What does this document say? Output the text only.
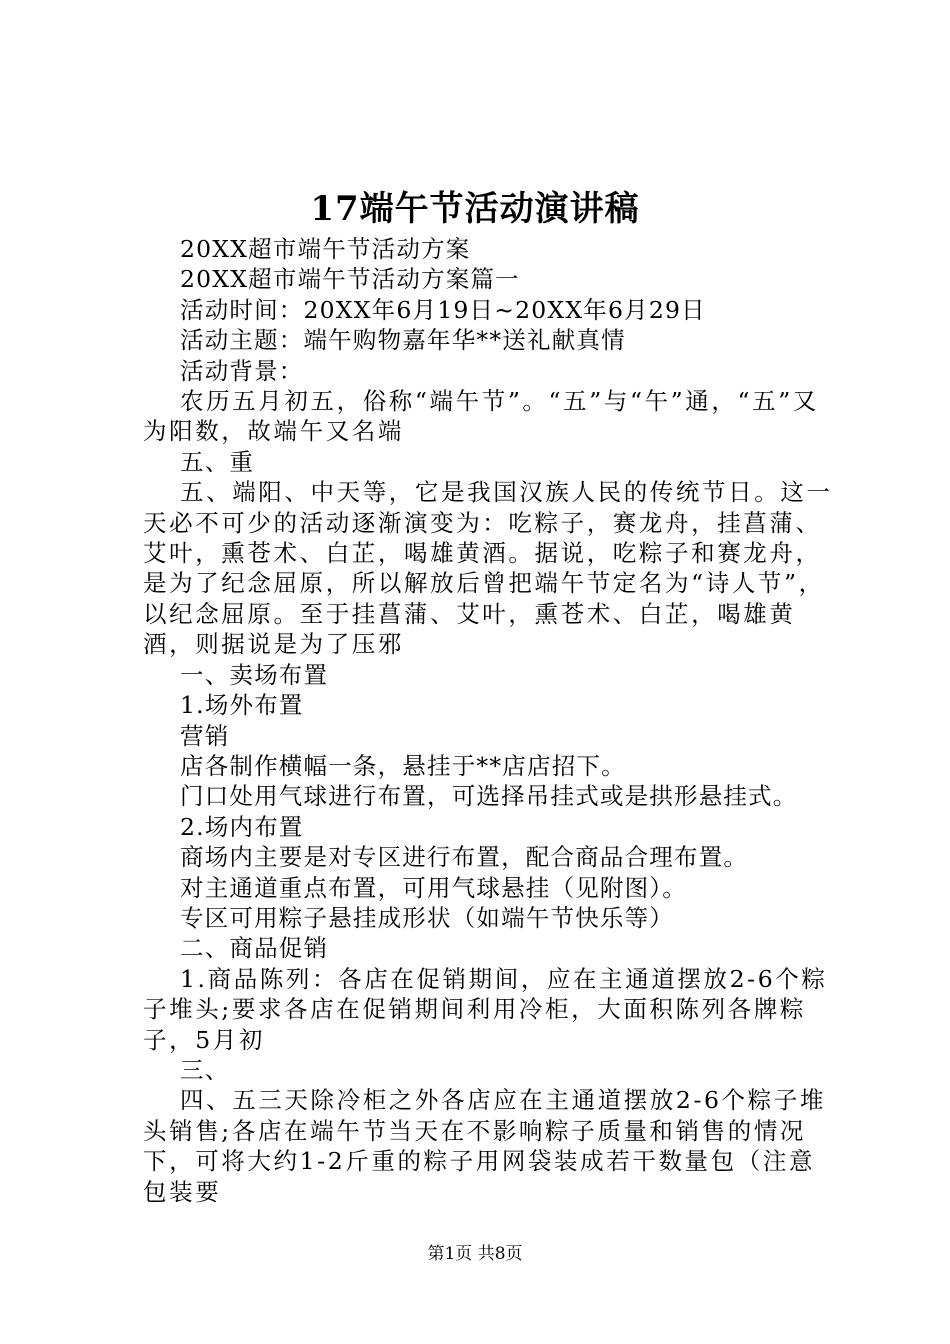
17端午节活动演讲稿

20XX超市端午节活动方案

20XX超市端午节活动方案篇一

活动时间：20XX年6月19日~20XX年6月29日

活动主题：端午购物嘉年华**送礼献真情

活动背景：

农历五月初五，俗称“端午节”。“五”与“午”通，“五”又为阳数，故端午又名端

五、重

五、端阳、中天等，它是我国汉族人民的传统节日。这一天必不可少的活动逐渐演变为：吃粽子，赛龙舟，挂菖蒲、艾叶，熏苍术、白芷，喝雄黄酒。据说，吃粽子和赛龙舟，是为了纪念屈原，所以解放后曾把端午节定名为“诗人节”，以纪念屈原。至于挂菖蒲、艾叶，熏苍术、白芷，喝雄黄酒，则据说是为了压邪

一、卖场布置

1.场外布置

营销

店各制作横幅一条，悬挂于**店店招下。

门口处用气球进行布置，可选择吊挂式或是拱形悬挂式。

2.场内布置

商场内主要是对专区进行布置，配合商品合理布置。

对主通道重点布置，可用气球悬挂（见附图）。

专区可用粽子悬挂成形状（如端午节快乐等）

二、商品促销

1.商品陈列：各店在促销期间，应在主通道摆放2-6个粽子堆头;要求各店在促销期间利用冷柜，大面积陈列各牌粽子，5月初

三、

四、五三天除冷柜之外各店应在主通道摆放2-6个粽子堆头销售;各店在端午节当天在不影响粽子质量和销售的情况下，可将大约1-2斤重的粽子用网袋装成若干数量包（注意包装要

第1页 共8页
